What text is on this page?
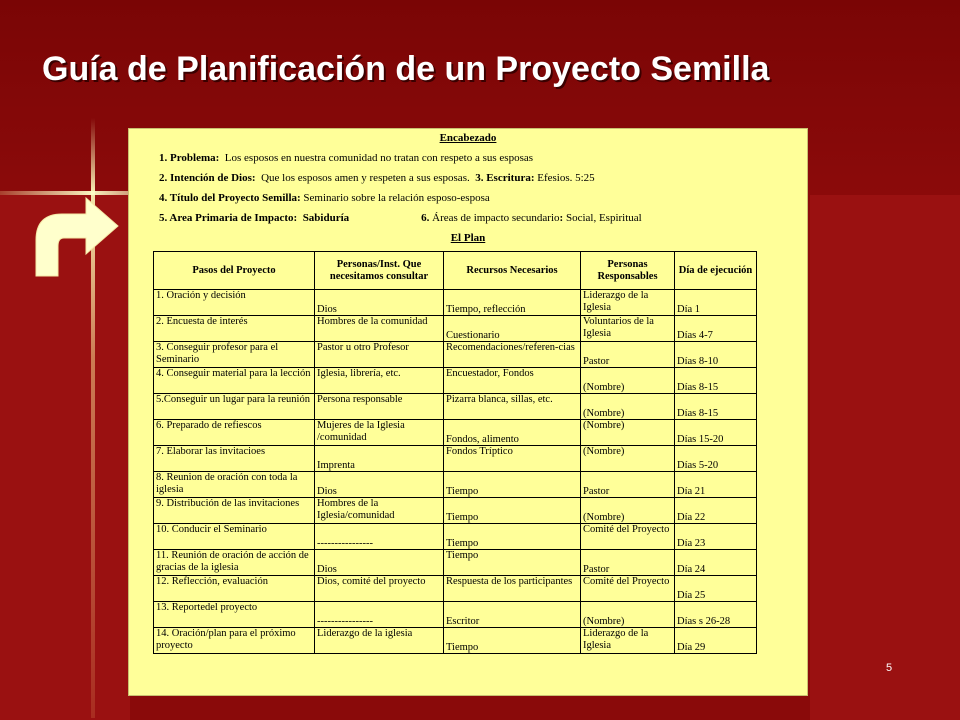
Guía de Planificación de un Proyecto Semilla
Encabezado
1. Problema: Los esposos en nuestra comunidad no tratan con respeto a sus esposas
2. Intención de Dios: Que los esposos amen y respeten a sus esposas. 3. Escritura: Efesios. 5:25
4. Título del Proyecto Semilla: Seminario sobre la relación esposo-esposa
5. Area Primaria de Impacto: Sabiduría	6. Áreas de impacto secundario: Social, Espiritual
El Plan
Pasos del Proyecto	Personas/Inst. Que necesitamos consultar	Recursos Necesarios	Personas Responsables	Día de ejecución
1. Oración y decisión	Dios	Tiempo, reflección	Liderazgo de la Iglesia	Día 1
2. Encuesta de interés	Hombres de la comunidad	Cuestionario	Voluntarios de la Iglesia	Días 4-7
3. Conseguir profesor para el Seminario	Pastor u otro Profesor	Recomendaciones/referen-cias	Pastor	Días 8-10
4. Conseguir material para la lección	Iglesia, librería, etc.	Encuestador, Fondos	(Nombre)	Días 8-15
5.Conseguir un lugar para la reunión	Persona responsable	Pizarra blanca, sillas, etc.	(Nombre)	Días 8-15
6. Preparado de refiescos	Mujeres de la Iglesia /comunidad	Fondos, alimento	(Nombre)	Días 15-20
7. Elaborar las invitacioes	Imprenta	Fondos Tríptico	(Nombre)	Días 5-20
8. Reunion de oración con toda la iglesia	Dios	Tiempo	Pastor	Día 21
9. Distribución de las invitaciones	Hombres de la Iglesia/comunidad	Tiempo	(Nombre)	Día 22
10. Conducir el Seminario	----------------	Tiempo	Comité del Proyecto	Día 23
11. Reunión de oración de acción de gracias de la iglesia	Dios	Tiempo	Pastor	Día 24
12. Reflección, evaluación	Dios, comité del proyecto	Respuesta de los participantes	Comité del Proyecto	Día 25
13. Reportedel proyecto	----------------	Escritor	(Nombre)	Días s 26-28
14. Oración/plan para el próximo proyecto	Liderazgo de la iglesia	Tiempo	Liderazgo de la Iglesia	Día 29
5
